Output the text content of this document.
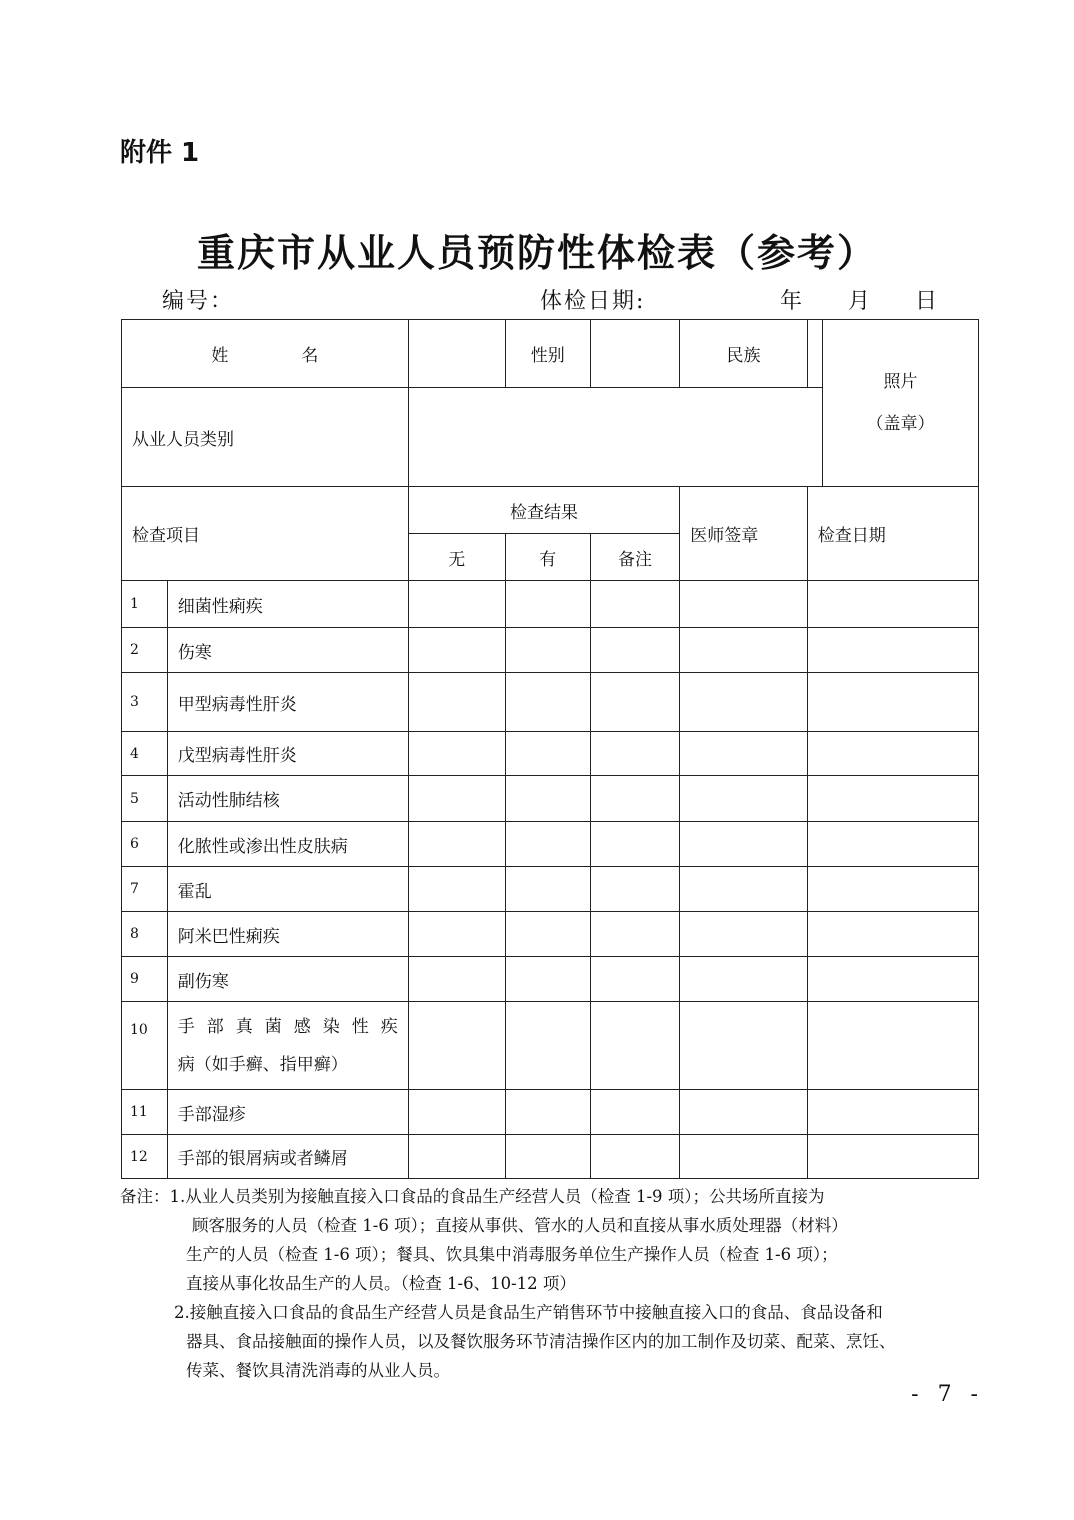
附件 1
重庆市从业人员预防性体检表（参考）
编号：	体检日期:	年 月 日
姓　名			性别		民族		照片
（盖章）

从业人员类别							
检查项目		检查结果			医师签章	检查日期	
		无	有	备注			
1	细菌性痢疾						
2	伤寒						
3	甲型病毒性肝炎						
4	戊型病毒性肝炎						
5	活动性肺结核						
6	化脓性或渗出性皮肤病						
7	霍乱						
8	阿米巴性痢疾						
9	副伤寒						
10	手部真菌感染性疾
病（如手癣、指甲癣）						

11	手部湿疹						
12	手部的银屑病或者鳞屑						
备注：1.从业人员类别为接触直接入口食品的食品生产经营人员（检查 1-9 项）；公共场所直接为
顾客服务的人员（检查 1-6 项）；直接从事供、管水的人员和直接从事水质处理器（材料）
生产的人员（检查 1-6 项）；餐具、饮具集中消毒服务单位生产操作人员（检查 1-6 项）；
直接从事化妆品生产的人员。（检查 1-6、10-12 项）
2.接触直接入口食品的食品生产经营人员是食品生产销售环节中接触直接入口的食品、食品设备和
器具、食品接触面的操作人员，以及餐饮服务环节清洁操作区内的加工制作及切菜、配菜、烹饪、
传菜、餐饮具清洗消毒的从业人员。
- 7 -
